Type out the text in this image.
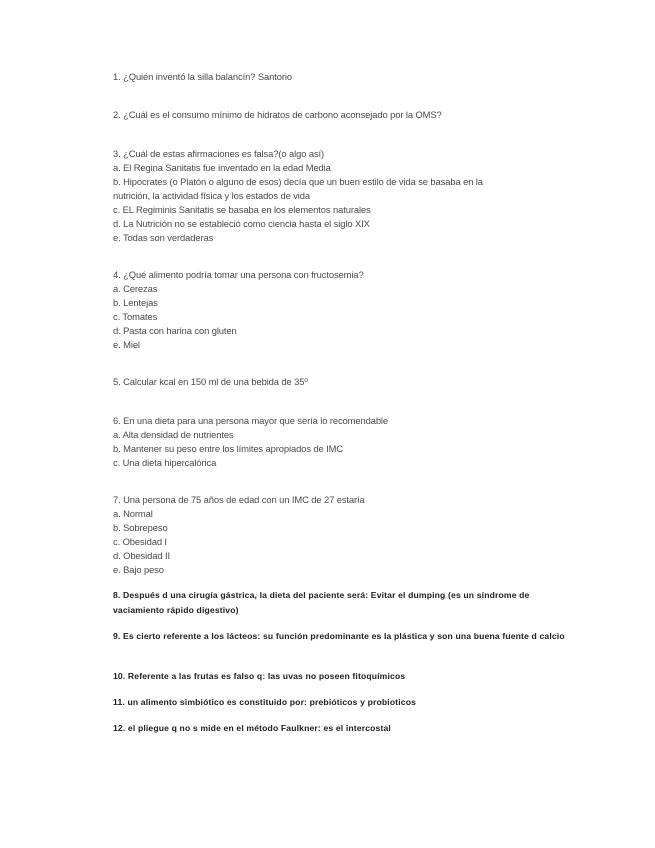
1. ¿Quién inventó la silla balancín? Santorio
2. ¿Cuál es el consumo mínimo de hidratos de carbono aconsejado por la OMS?
3. ¿Cuál de estas afirmaciones es falsa?(o algo así)
a. El Regina Sanitatis fue inventado en la edad Media
b. Hipocrates (o Platón o alguno de esos) decía que un buen estilo de vida se basaba en la
nutrición, la actividad física y los estados de vida
c. EL Regiminis Sanitatis se basaba en los elementos naturales
d. La Nutrición no se estableció como ciencia hasta el siglo XIX
e. Todas son verdaderas
4. ¿Qué alimento podría tomar una persona con fructosemia?
a. Cerezas
b. Lentejas
c. Tomates
d. Pasta con harina con gluten
e. Miel
5. Calcular kcal en 150 ml de una bebida de 35º
6. En una dieta para una persona mayor que sería lo recomendable
a. Alta densidad de nutrientes
b. Mantener su peso entre los límites apropiados de IMC
c. Una dieta hipercalórica
7. Una persona de 75 años de edad con un IMC de 27 estaría
a. Normal
b. Sobrepeso
c. Obesidad I
d. Obesidad II
e. Bajo peso
8. Después d una cirugía gástrica, la dieta del paciente será: Evitar el dumping (es un síndrome de vaciamiento rápido digestivo)
9. Es cierto referente a los lácteos: su función predominante es la plástica y son una buena fuente d calcio
10. Referente a las frutas es falso q: las uvas no poseen fitoquímicos
11. un alimento simbiótico es constituido por: prebióticos y probioticos
12. el pliegue q no s mide en el método Faulkner: es el intercostal
